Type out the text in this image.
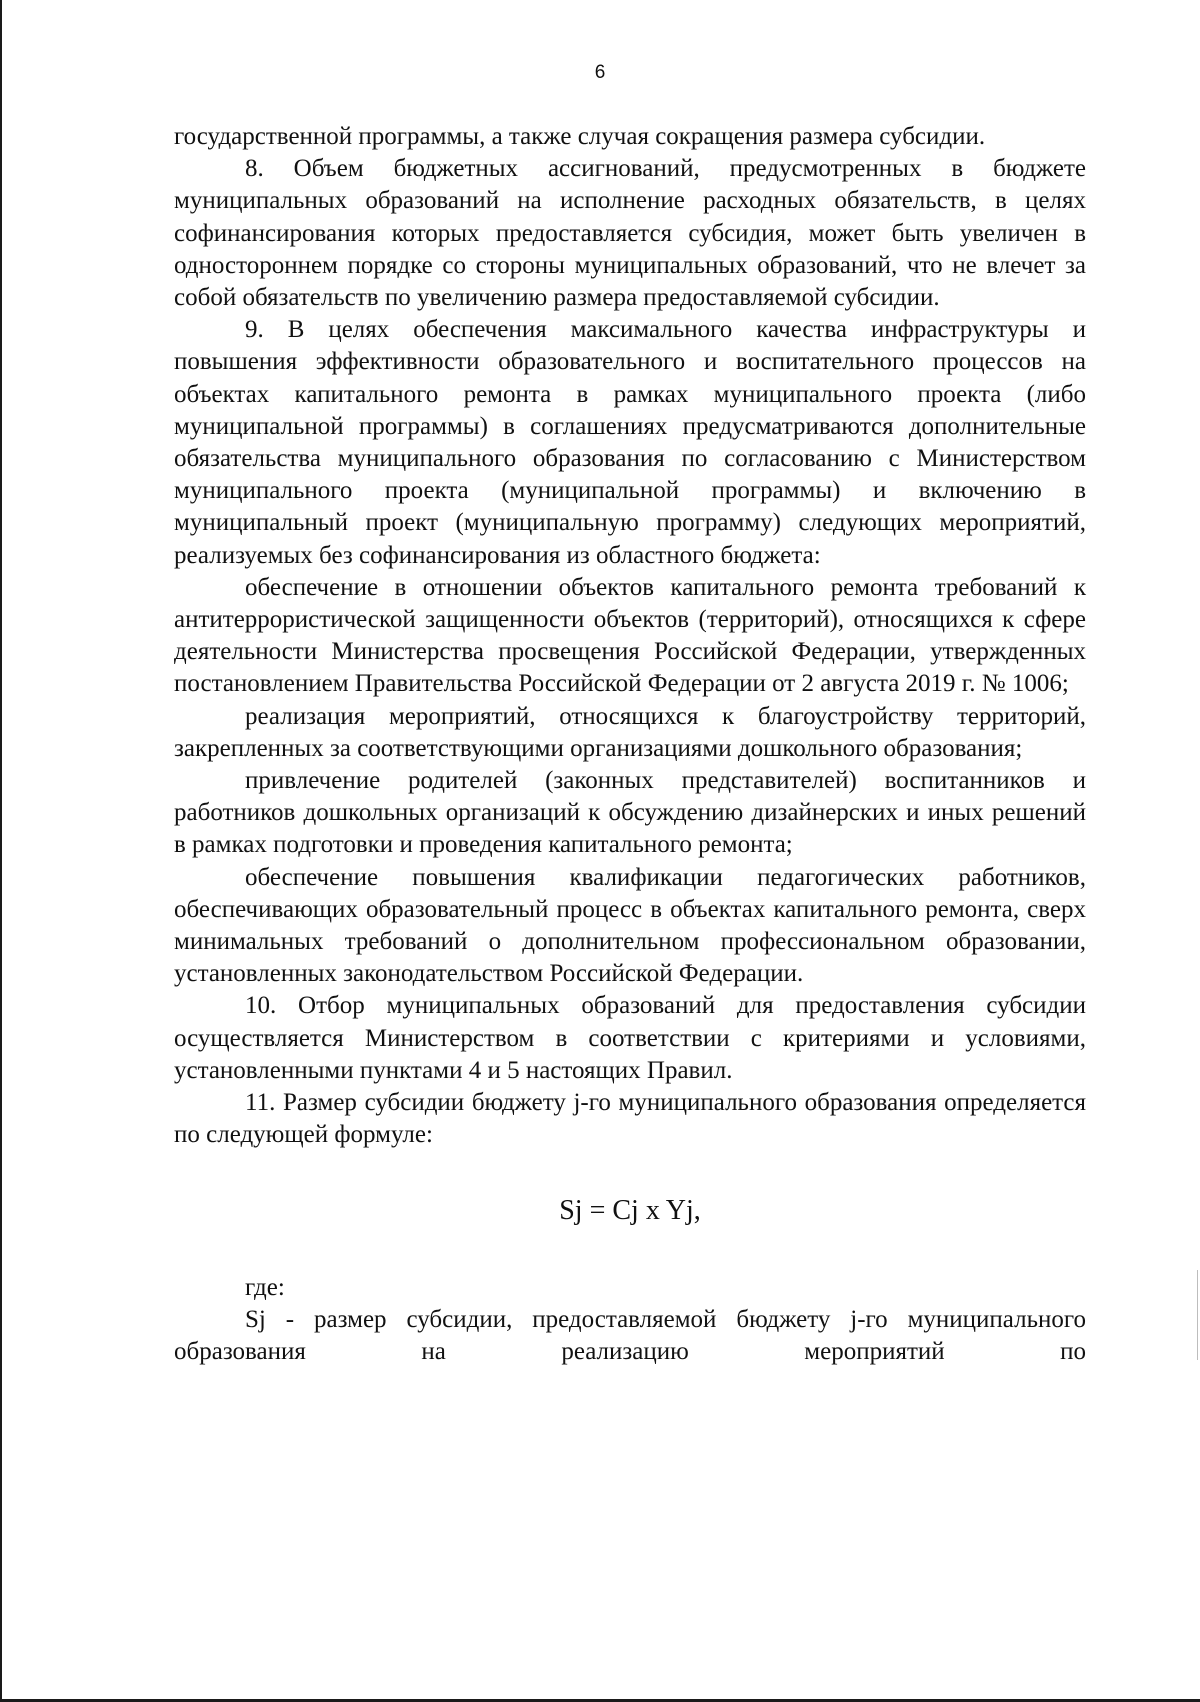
6

государственной программы, а также случая сокращения размера субсидии.

8. Объем бюджетных ассигнований, предусмотренных в бюджете муниципальных образований на исполнение расходных обязательств, в целях софинансирования которых предоставляется субсидия, может быть увеличен в одностороннем порядке со стороны муниципальных образований, что не влечет за собой обязательств по увеличению размера предоставляемой субсидии.

9. В целях обеспечения максимального качества инфраструктуры и повышения эффективности образовательного и воспитательного процессов на объектах капитального ремонта в рамках муниципального проекта (либо муниципальной программы) в соглашениях предусматриваются дополнительные обязательства муниципального образования по согласованию с Министерством муниципального проекта (муниципальной программы) и включению в муниципальный проект (муниципальную программу) следующих мероприятий, реализуемых без софинансирования из областного бюджета:

обеспечение в отношении объектов капитального ремонта требований к антитеррористической защищенности объектов (территорий), относящихся к сфере деятельности Министерства просвещения Российской Федерации, утвержденных постановлением Правительства Российской Федерации от 2 августа 2019 г. № 1006;

реализация мероприятий, относящихся к благоустройству территорий, закрепленных за соответствующими организациями дошкольного образования;

привлечение родителей (законных представителей) воспитанников и работников дошкольных организаций к обсуждению дизайнерских и иных решений в рамках подготовки и проведения капитального ремонта;

обеспечение повышения квалификации педагогических работников, обеспечивающих образовательный процесс в объектах капитального ремонта, сверх минимальных требований о дополнительном профессиональном образовании, установленных законодательством Российской Федерации.

10. Отбор муниципальных образований для предоставления субсидии осуществляется Министерством в соответствии с критериями и условиями, установленными пунктами 4 и 5 настоящих Правил.

11. Размер субсидии бюджету j-го муниципального образования определяется по следующей формуле:

Sj = Cj x Yj,

где:

Sj - размер субсидии, предоставляемой бюджету j-го муниципального образования на реализацию мероприятий по
